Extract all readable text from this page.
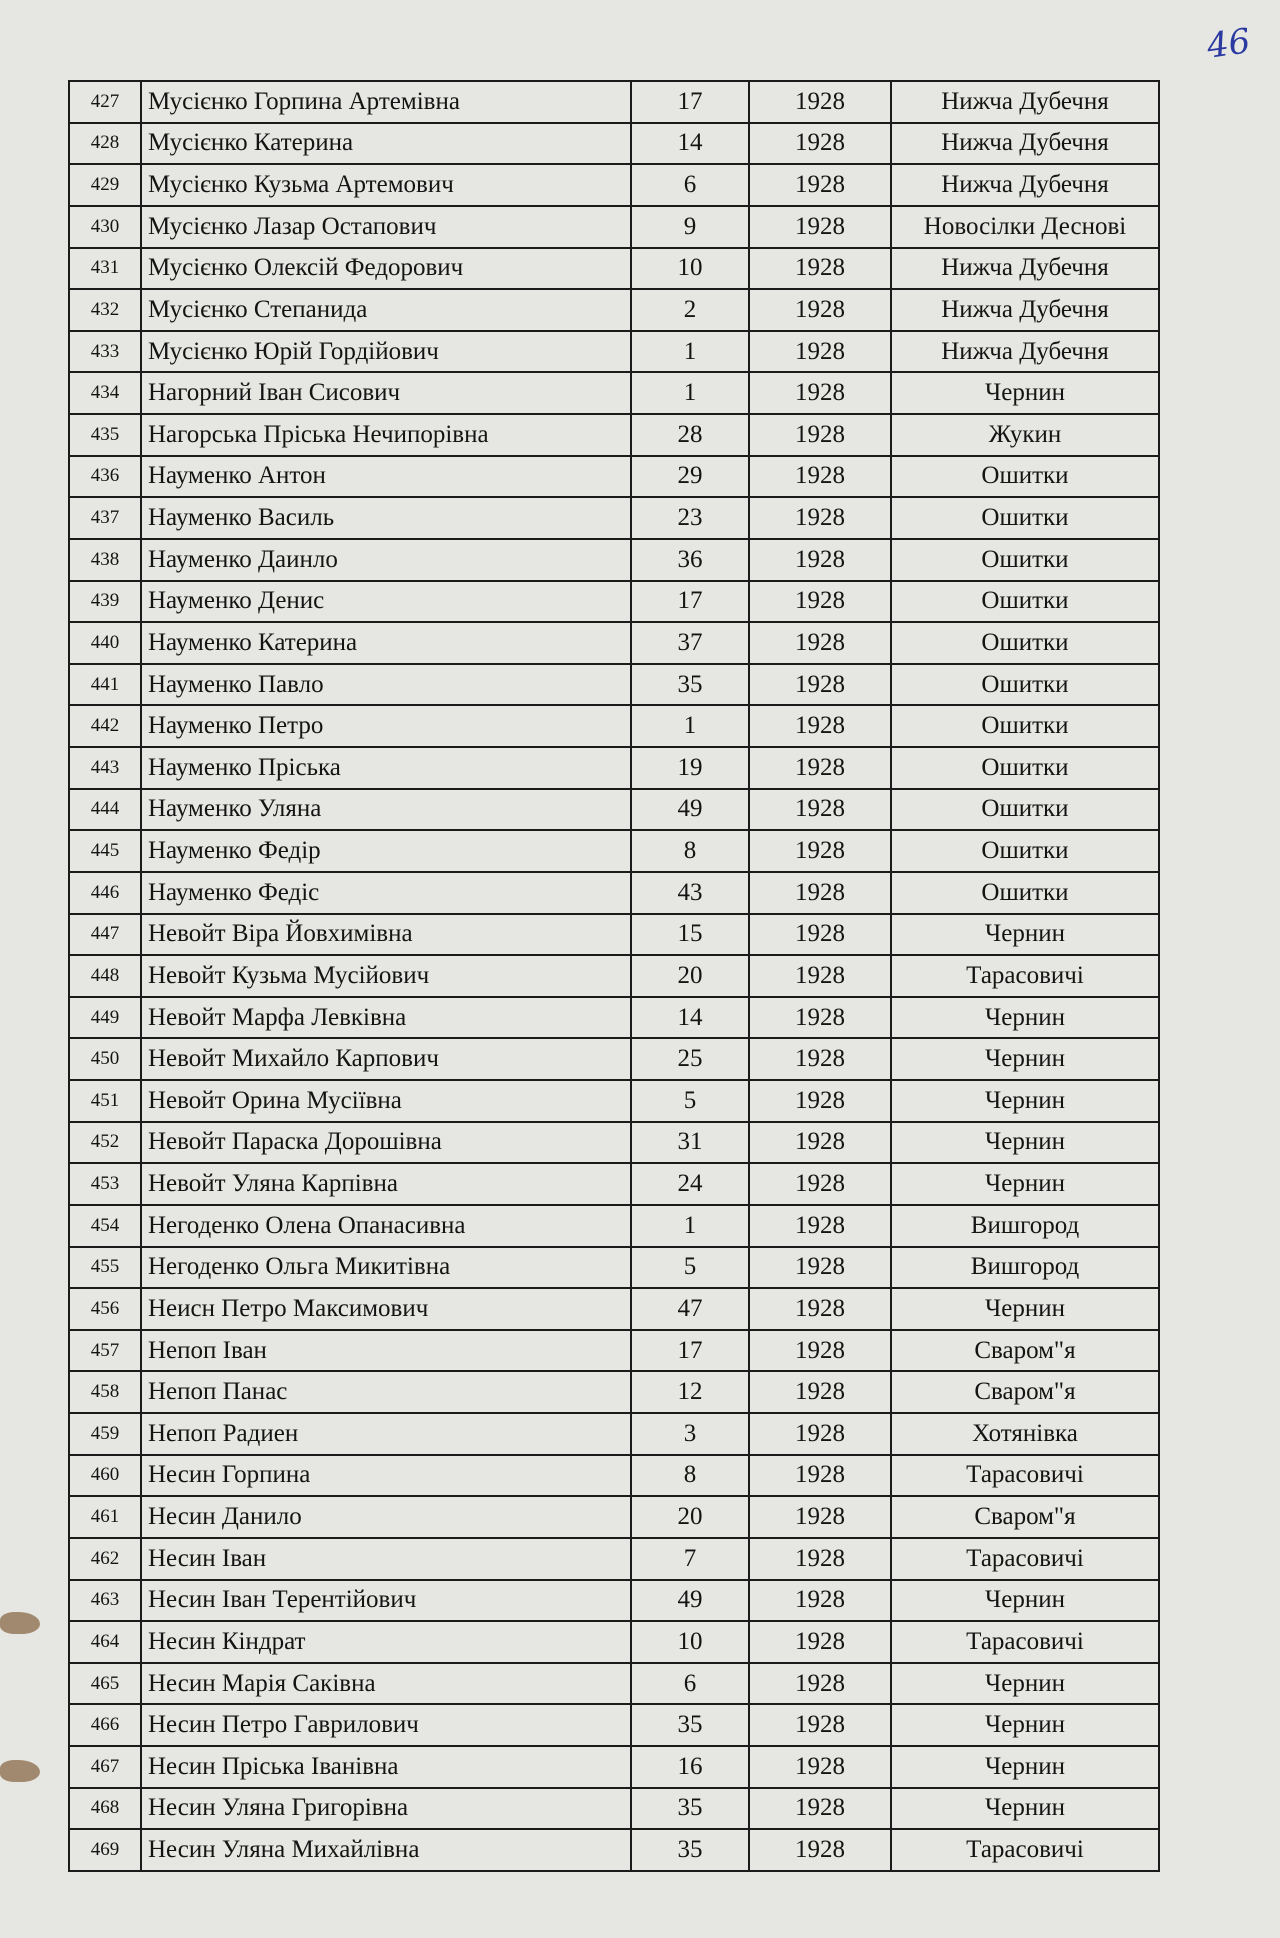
46
427	Мусієнко Горпина Артемівна	17	1928	Нижча Дубечня
428	Мусієнко Катерина	14	1928	Нижча Дубечня
429	Мусієнко Кузьма Артемович	6	1928	Нижча Дубечня
430	Мусієнко Лазар Остапович	9	1928	Новосілки Деснові
431	Мусієнко Олексій Федорович	10	1928	Нижча Дубечня
432	Мусієнко Степанида	2	1928	Нижча Дубечня
433	Мусієнко Юрій Гордійович	1	1928	Нижча Дубечня
434	Нагорний Іван Сисович	1	1928	Чернин
435	Нагорська Пріська Нечипорівна	28	1928	Жукин
436	Науменко Антон	29	1928	Ошитки
437	Науменко Василь	23	1928	Ошитки
438	Науменко Даинло	36	1928	Ошитки
439	Науменко Денис	17	1928	Ошитки
440	Науменко Катерина	37	1928	Ошитки
441	Науменко Павло	35	1928	Ошитки
442	Науменко Петро	1	1928	Ошитки
443	Науменко Пріська	19	1928	Ошитки
444	Науменко Уляна	49	1928	Ошитки
445	Науменко Федір	8	1928	Ошитки
446	Науменко Федіс	43	1928	Ошитки
447	Невойт Віра Йовхимівна	15	1928	Чернин
448	Невойт Кузьма Мусійович	20	1928	Тарасовичі
449	Невойт Марфа Левківна	14	1928	Чернин
450	Невойт Михайло Карпович	25	1928	Чернин
451	Невойт Орина Мусіївна	5	1928	Чернин
452	Невойт Параска Дорошівна	31	1928	Чернин
453	Невойт Уляна Карпівна	24	1928	Чернин
454	Негоденко Олена Опанасивна	1	1928	Вишгород
455	Негоденко Ольга Микитівна	5	1928	Вишгород
456	Неисн Петро Максимович	47	1928	Чернин
457	Непоп Іван	17	1928	Сваром"я
458	Непоп Панас	12	1928	Сваром"я
459	Непоп Радиен	3	1928	Хотянівка
460	Несин Горпина	8	1928	Тарасовичі
461	Несин Данило	20	1928	Сваром"я
462	Несин Іван	7	1928	Тарасовичі
463	Несин Іван Терентійович	49	1928	Чернин
464	Несин Кіндрат	10	1928	Тарасовичі
465	Несин Марія Саківна	6	1928	Чернин
466	Несин Петро Гаврилович	35	1928	Чернин
467	Несин Пріська Іванівна	16	1928	Чернин
468	Несин Уляна Григорівна	35	1928	Чернин
469	Несин Уляна Михайлівна	35	1928	Тарасовичі
